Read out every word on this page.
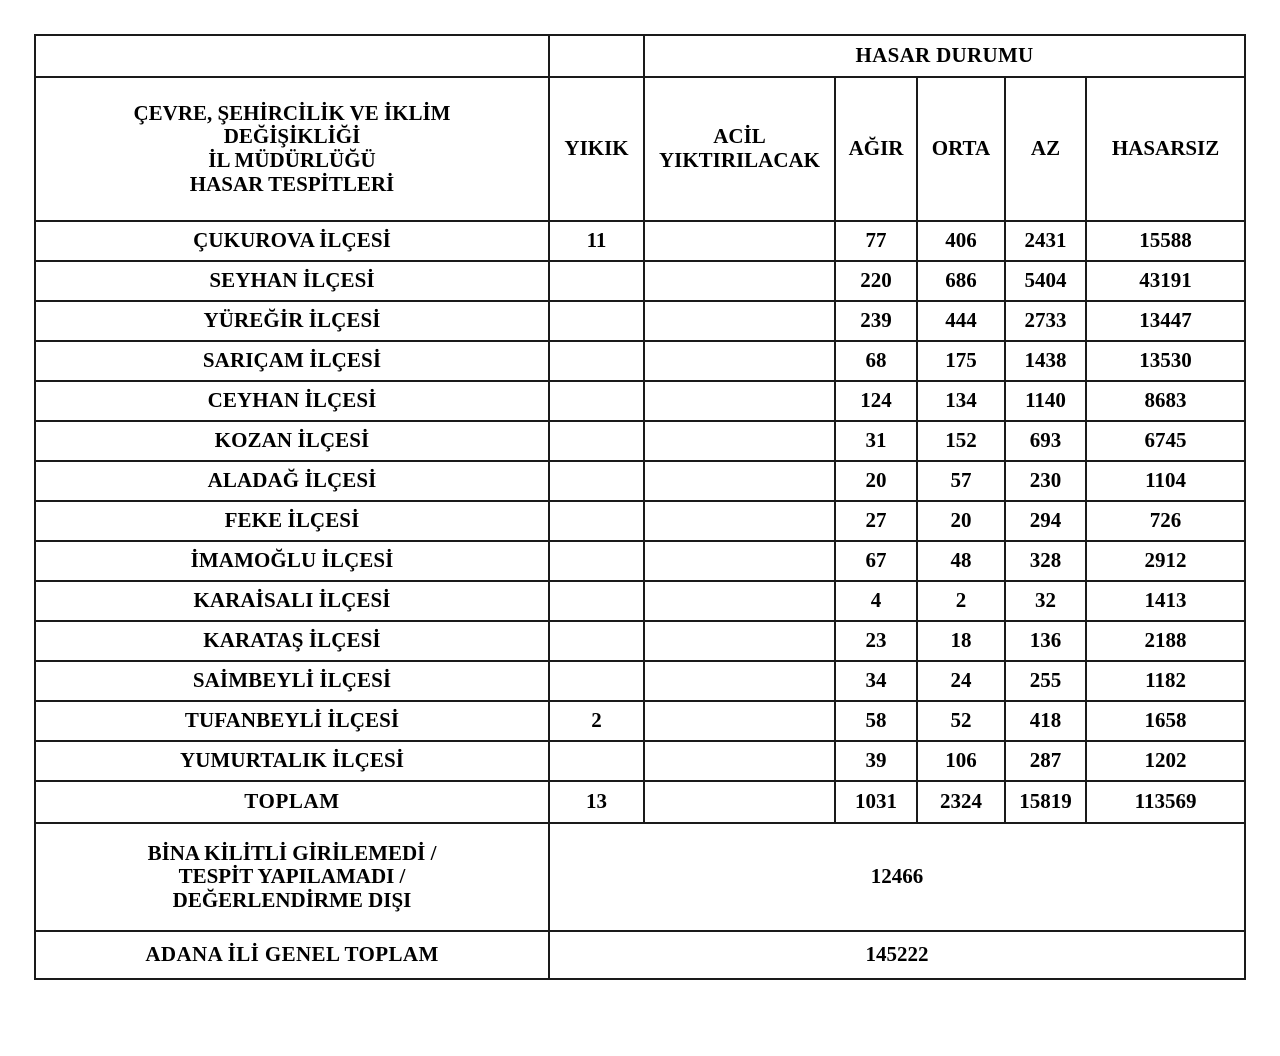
		HASAR DURUMU				

ÇEVRE, ŞEHİRCİLİK VE İKLİM
DEĞİŞİKLİĞİ
İL MÜDÜRLÜĞÜ
HASAR TESPİTLERİ	YIKIK	ACİL YIKTIRILACAK	AĞIR	ORTA	AZ	HASARSIZ
ÇUKUROVA İLÇESİ	11		77	406	2431	15588
SEYHAN İLÇESİ			220	686	5404	43191
YÜREĞİR İLÇESİ			239	444	2733	13447
SARIÇAM İLÇESİ			68	175	1438	13530
CEYHAN İLÇESİ			124	134	1140	8683
KOZAN İLÇESİ			31	152	693	6745
ALADAĞ İLÇESİ			20	57	230	1104
FEKE İLÇESİ			27	20	294	726
İMAMOĞLU İLÇESİ			67	48	328	2912
KARAİSALI İLÇESİ			4	2	32	1413
KARATAŞ İLÇESİ			23	18	136	2188
SAİMBEYLİ İLÇESİ			34	24	255	1182
TUFANBEYLİ İLÇESİ	2		58	52	418	1658
YUMURTALIK İLÇESİ			39	106	287	1202
TOPLAM	13		1031	2324	15819	113569

BİNA KİLİTLİ GİRİLEMEDİ /
TESPİT YAPILAMADI /
DEĞERLENDİRME DIŞI	12466					
ADANA İLİ GENEL TOPLAM	145222					
